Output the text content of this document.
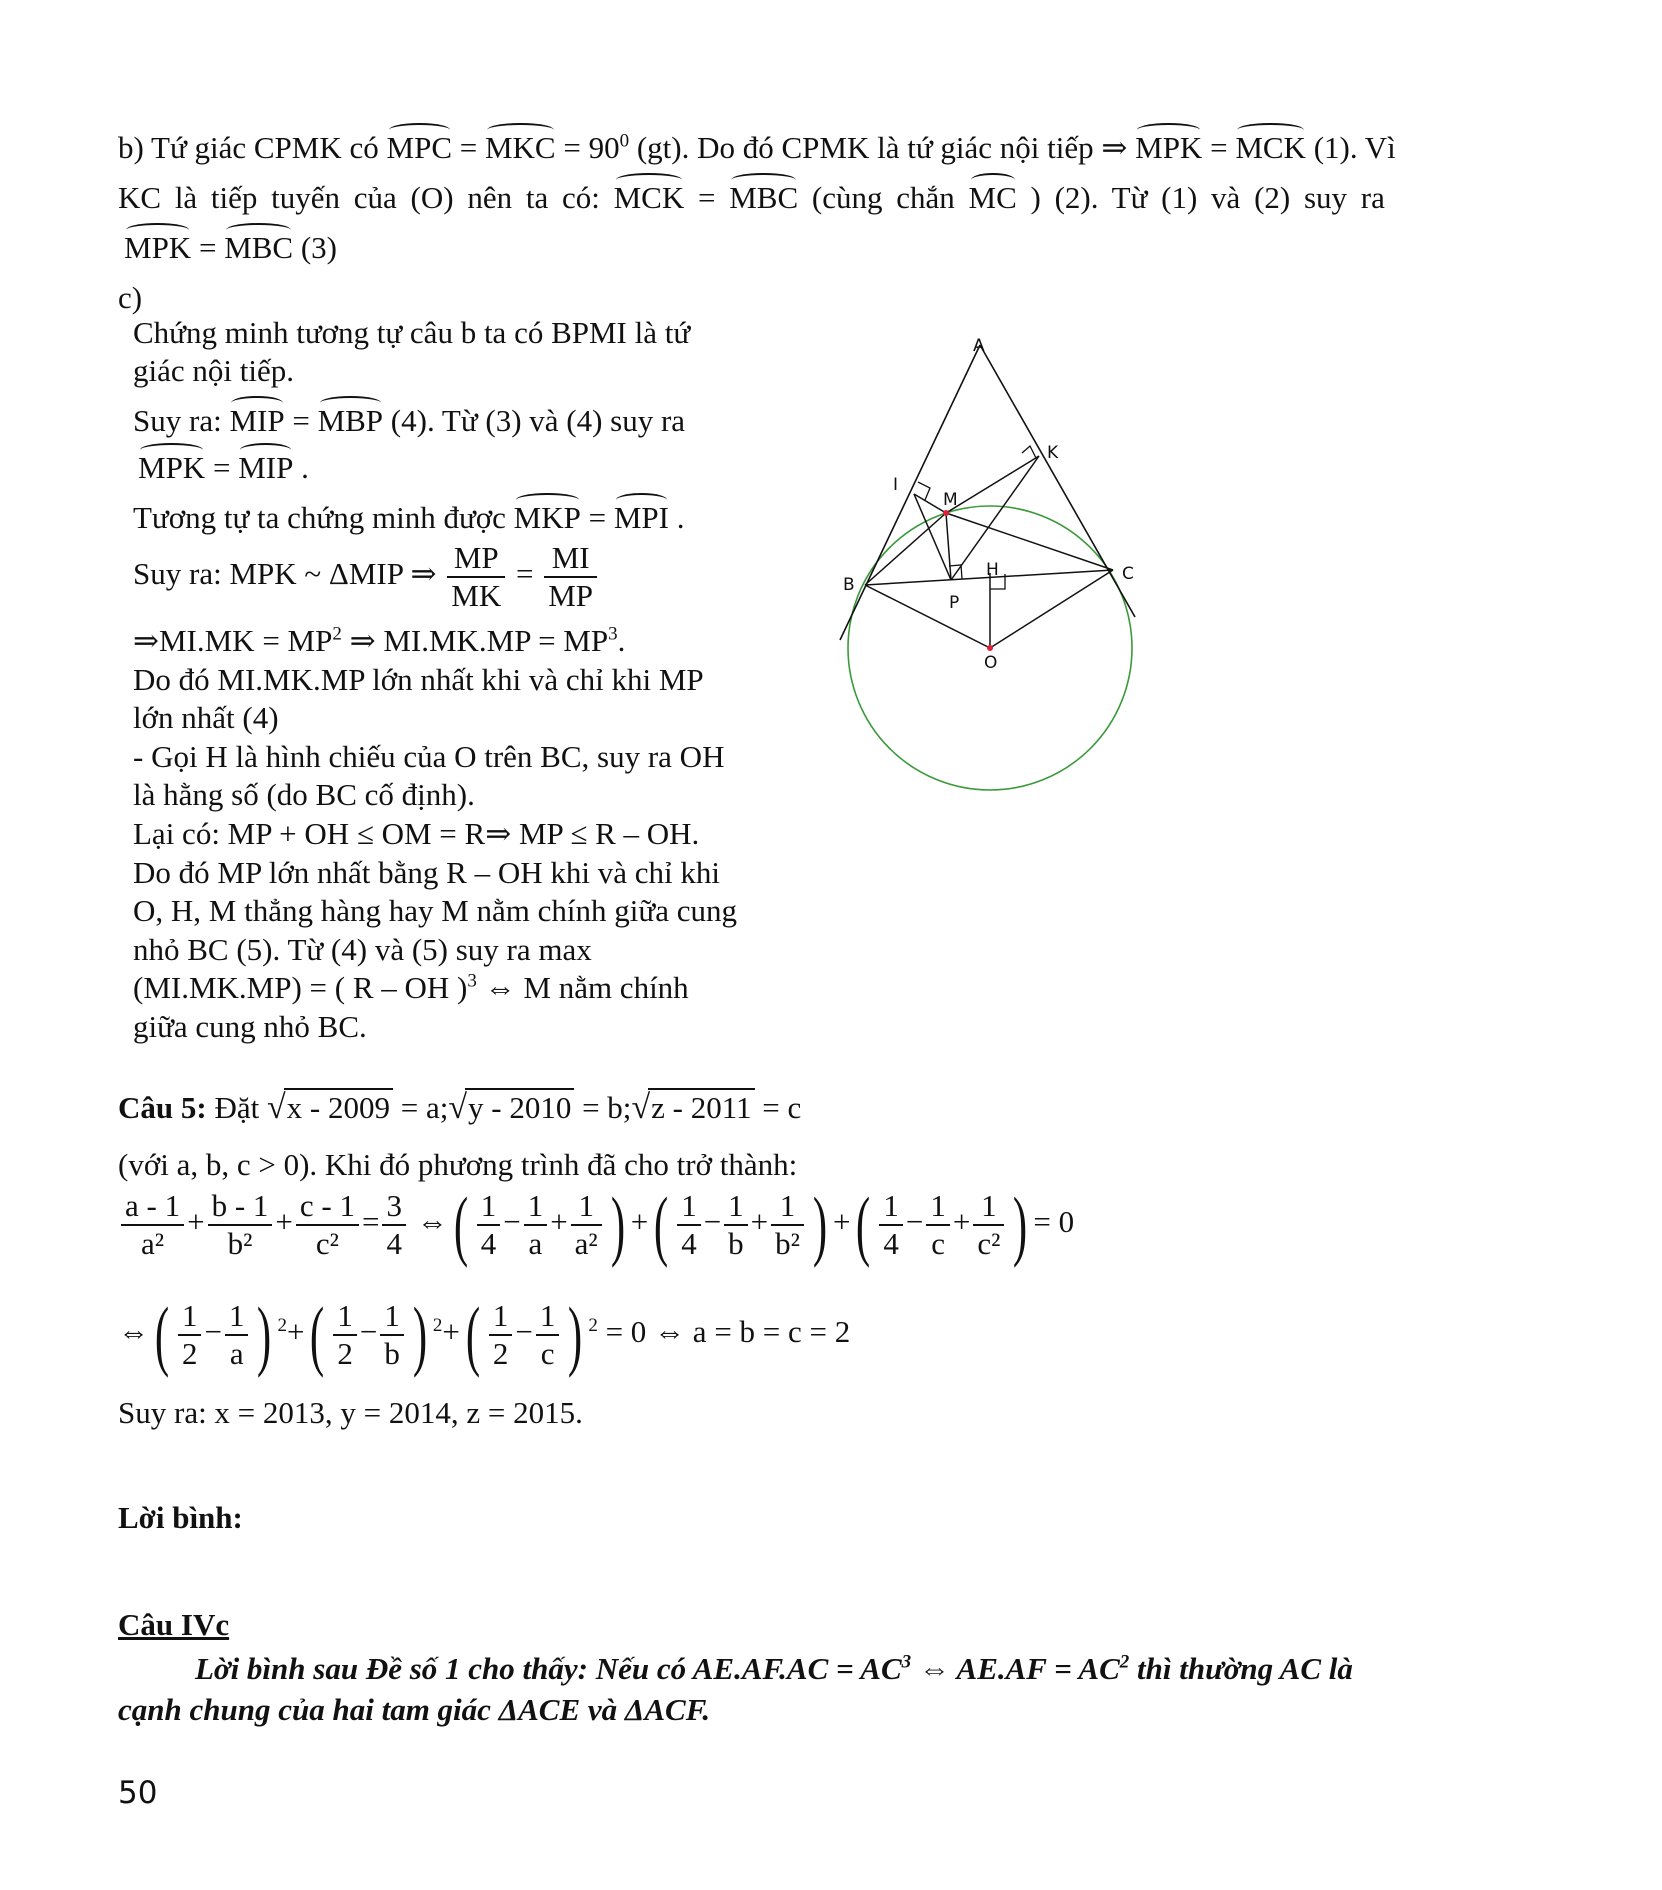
b) Tứ giác CPMK có MPC = MKC = $90^0$ (gt). Do đó CPMK là tứ giác nội tiếp ⇒ MPK = MCK (1). Vì
KC là tiếp tuyến của (O) nên ta có: MCK = MBC (cùng chắn MC ) (2). Từ (1) và (2) suy ra
MPK = MBC (3)
c)
Chứng minh tương tự câu b ta có BPMI là tứ
giác nội tiếp.
Suy ra: MIP = MBP (4). Từ (3) và (4) suy ra
MPK = MIP .
Tương tự ta chứng minh được MKP = MPI .
Suy ra: MPK ~ ΔMIP ⇒ $\frac{MP}{MK} = \frac{MI}{MP}$
⇒MI.MK = $MP^2$ ⇒ $MI.MK.MP = MP^3$.
Do đó MI.MK.MP lớn nhất khi và chỉ khi MP
lớn nhất (4)
- Gọi H là hình chiếu của O trên BC, suy ra OH
là hằng số (do BC cố định).
Lại có: MP + OH ≤ OM = R⇒ MP ≤ R – OH.
Do đó MP lớn nhất bằng R – OH khi và chỉ khi
O, H, M thẳng hàng hay M nằm chính giữa cung
nhỏ BC (5). Từ (4) và (5) suy ra max
(MI.MK.MP) = ( R – OH )$^3$ ⇔ M nằm chính
giữa cung nhỏ BC.
A
K
I
M
H
B
C
P
O
Câu 5: Đặt √x - 2009 = a;√y - 2010 = b;√z - 2011 = c
(với a, b, c > 0). Khi đó phương trình đã cho trở thành:
$\frac{a - 1}{\text{a²}} + \frac{b - 1}{\text{b²}} + \frac{c - 1}{\text{c²}} = \frac{3}{4}$ ⇔( $\frac{1}{4} - \frac{1}{a} + \frac{1}{\text{a²}}$ ) +( $\frac{1}{4} - \frac{1}{b} + \frac{1}{\text{b²}}$ ) +( $\frac{1}{4} - \frac{1}{c} + \frac{1}{\text{c²}}$ ) = 0
⇔( $\frac{1}{2} - \frac{1}{a}$ ) $^2+( \frac{1}{2} - \frac{1}{b}$ ) $^2+( \frac{1}{2} - \frac{1}{c}$ ) $^2$ = 0 ⇔ a = b = c = 2
Suy ra: x = 2013, y = 2014, z = 2015.
Lời bình:
Câu IVc
Lời bình sau Đề số 1 cho thấy: Nếu có $AE.AF.AC = AC^3$ ⇔ $AE.AF = AC^2$ thì thường AC là
cạnh chung của hai tam giác ΔACE và ΔACF.
50
